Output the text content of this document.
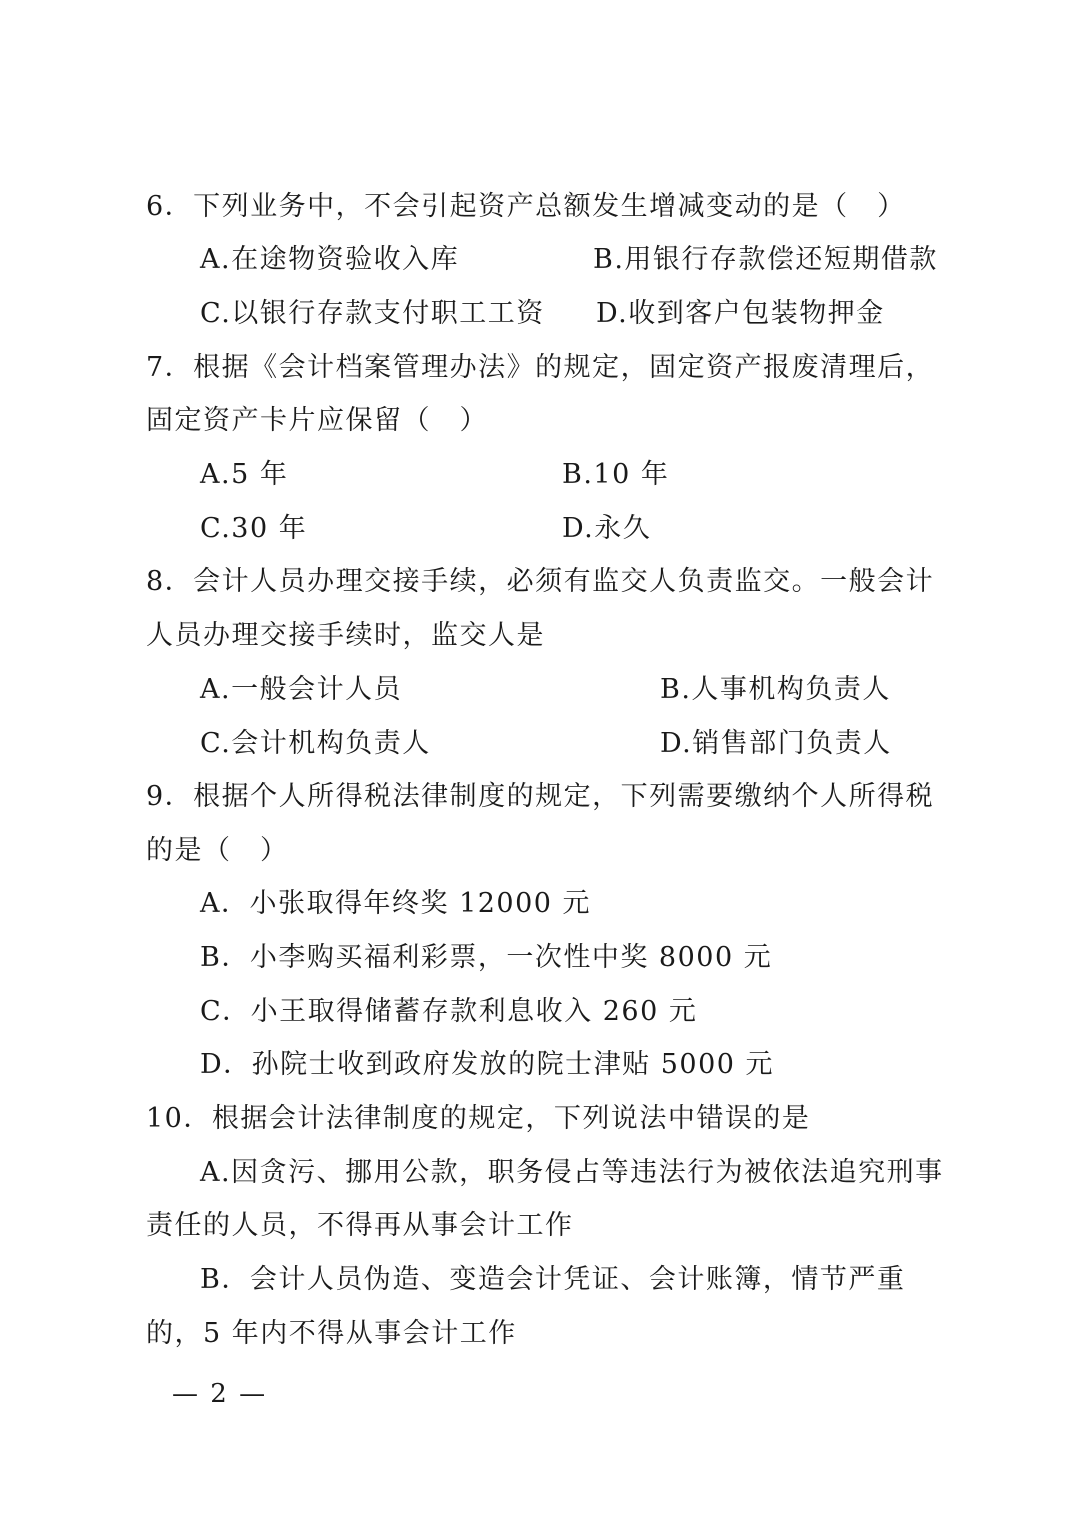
6．下列业务中，不会引起资产总额发生增减变动的是（　）
A.在途物资验收入库	B.用银行存款偿还短期借款
C.以银行存款支付职工工资 D.收到客户包装物押金
7．根据《会计档案管理办法》的规定，固定资产报废清理后，
固定资产卡片应保留（　）
A.5 年	B.10 年
C.30 年	D.永久
8．会计人员办理交接手续，必须有监交人负责监交。一般会计
人员办理交接手续时，监交人是
A.一般会计人员	B.人事机构负责人
C.会计机构负责人	D.销售部门负责人
9．根据个人所得税法律制度的规定，下列需要缴纳个人所得税
的是（　）
A．小张取得年终奖 12000 元
B．小李购买福利彩票，一次性中奖 8000 元
C．小王取得储蓄存款利息收入 260 元
D．孙院士收到政府发放的院士津贴 5000 元
10．根据会计法律制度的规定，下列说法中错误的是
A.因贪污、挪用公款，职务侵占等违法行为被依法追究刑事
责任的人员，不得再从事会计工作
B．会计人员伪造、变造会计凭证、会计账簿，情节严重
的，5 年内不得从事会计工作
— 2 —
